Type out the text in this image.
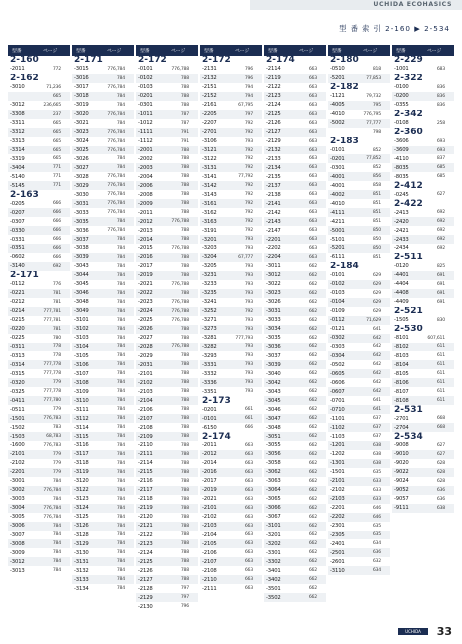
UCHIDA ECOHASICS
型 番 索 引 2-160 ▶ 2-534
型番	ページ
2-160
-2011	772
2-162
-3010	71,236
665
-3012	236,665
-3308	237
-3311	665
-3312	665
-3313	665
-3314	665
-3319	665
-3404	771
-5140	771
-5145	771
2-163
-0205	666
-0207	666
-0307	666
-0330	666
-0331	666
-0351	666
-0602	666
-3140	692
2-171
-0112	776
-0221	781
-0212	781
-0214	777,781
-0215	777,781
-0220	781
-0225	780
-0311	778
-0313	778
-0314	777,778
-0315	777,778
-0320	779
-0325	777,778
-0411	777,780
-0511	779
-1501	776,783
-1502	783
-1503	68,783
-1600	776,783
-2101	779
-2102	779
-2201	779
-3001	784
-3002	776,784
-3003	784
-3004	776,784
-3005	776,784
-3006	784
-3007	784
-3008	784
-3009	784
-3012	784
-3013	784
型番	ページ
2-171
-3015	776,784
-3016	784
-3017	776,784
-3018	784
-3019	784
-3020	776,784
-3021	784
-3023	776,784
-3024	776,784
-3025	776,784
-3026	784
-3027	784
-3028	776,784
-3029	776,784
-3030	776,784
-3031	776,784
-3033	776,784
-3035	784
-3036	776,784
-3037	784
-3038	784
-3039	784
-3043	784
-3044	784
-3045	784
-3046	784
-3048	784
-3049	784
-3101	784
-3102	784
-3103	784
-3104	784
-3105	784
-3106	784
-3107	784
-3108	784
-3109	784
-3110	784
-3111	784
-3112	784
-3114	784
-3115	784
-3116	784
-3117	784
-3118	784
-3119	784
-3120	784
-3122	784
-3123	784
-3124	784
-3125	784
-3126	784
-3128	784
-3129	784
-3130	784
-3131	784
-3132	784
-3133	784
-3134	784
型番	ページ
2-172
-0101	776,788
-0102	788
-0103	788
-0201	788
-0301	788
-1011	787
-1012	787
-1111	791
-1112	791
-2001	788
-2002	788
-2003	788
-2004	788
-2006	788
-2008	788
-2009	788
-2011	788
-2012	776,788
-2013	788
-2014	788
-2015	776,788
-2016	788
-2017	788
-2019	788
-2021	776,788
-2022	788
-2023	776,788
-2024	776,788
-2025	776,788
-2026	788
-2027	788
-2028	776,788
-2029	788
-2031	788
-2101	788
-2102	788
-2103	788
-2104	788
-2106	788
-2107	788
-2108	788
-2109	788
-2110	788
-2111	788
-2114	788
-2115	788
-2116	788
-2117	788
-2118	788
-2119	788
-2120	788
-2121	788
-2122	788
-2123	788
-2124	788
-2125	788
-2126	788
-2127	788
-2128	797
-2129	797
-2130	796
型番	ページ
2-172
-2131	796
-2132	796
-2151	794
-2152	794
-2161	67,795
-2205	797
-2207	792
-2701	792
-3106	793
-3121	792
-3122	792
-3131	792
-3141	77,792
-3142	792
-3143	792
-3161	792
-3162	792
-3163	792
-3191	792
-3201	793
-3203	793
-3204	67,777
-3205	793
-3231	793
-3233	793
-3235	793
-3241	793
-3252	792
-3271	793
-3273	793
-3281	777,793
-3282	793
-3293	793
-3331	793
-3332	793
-3336	793
-3351	793
2-173
-0201	661
-0101	661
-6150	666
2-174
-2011	663
-2012	663
-2014	663
-2016	663
-2017	663
-2019	663
-2021	663
-2101	663
-2102	663
-2103	663
-2104	663
-2105	663
-2106	663
-2107	663
-2108	663
-2110	663
-2111	663
型番	ページ
2-174
-2114	663
-2119	663
-2122	663
-2123	663
-2124	663
-2125	663
-2126	663
-2127	663
-2129	663
-2132	663
-2133	663
-2134	663
-2135	663
-2137	663
-2138	663
-2141	663
-2142	663
-2143	663
-2147	663
-2201	663
-2202	663
-2204	663
-3011	662
-3012	662
-3022	662
-3023	662
-3026	662
-3031	662
-3033	662
-3034	662
-3035	662
-3036	662
-3037	662
-3039	662
-3040	662
-3042	662
-3043	662
-3045	662
-3046	662
-3047	662
-3048	662
-3051	662
-3055	662
-3056	662
-3058	662
-3062	662
-3063	662
-3064	662
-3065	662
-3066	662
-3067	662
-3101	662
-3201	662
-3202	662
-3301	662
-3302	662
-3401	662
-3402	662
-3501	662
-3502	662
型番	ページ
2-180
-0510	818
-5201	77,853
2-182
-1121	79,732
-4005	795
-4010	776,795
-5002	77,777
798
2-183
-0101	852
-0201	77,852
-0301	852
-4001	856
-4001	858
-4002	851
-4010	851
-4111	851
-4211	851
-5001	850
-5101	850
-5201	850
-6111	851
2-184
-0101	629
-0102	629
-0103	629
-0104	629
-0109	629
-0112	71,629
-0121	641
-0302	642
-0303	642
-0304	642
-0502	642
-0605	642
-0606	642
-0607	642
-0701	641
-0710	641
-1101	637
-1102	637
-1103	637
-1201	638
-1202	638
-1301	638
-1501	635
-2101	633
-2102	633
-2103	633
-2201	646
-2202	646
-2301	635
-2305	635
-2401	634
-2501	636
-2601	632
-3110	634
型番	ページ
2-229
-1001	683
2-322
-0100	836
-0200	836
-0355	836
2-342
-0108	258
2-360
-3606	693
-3609	693
-4110	837
-8035	685
-8035	685
2-412
-0245	627
2-422
-2413	692
-2420	692
-2421	692
-2433	692
-2434	692
2-511
-0120	825
-4401	691
-4404	691
-4408	691
-4409	691
2-521
-1505	830
2-530
-8101	607,611
-8102	611
-8103	611
-8104	611
-8105	611
-8106	611
-8107	611
-8108	611
2-531
-2701	668
-2704	668
2-534
-9008	627
-9010	627
-9020	628
-9022	628
-9024	628
-9052	636
-9057	636
-9111	638
UCHIDA	33
